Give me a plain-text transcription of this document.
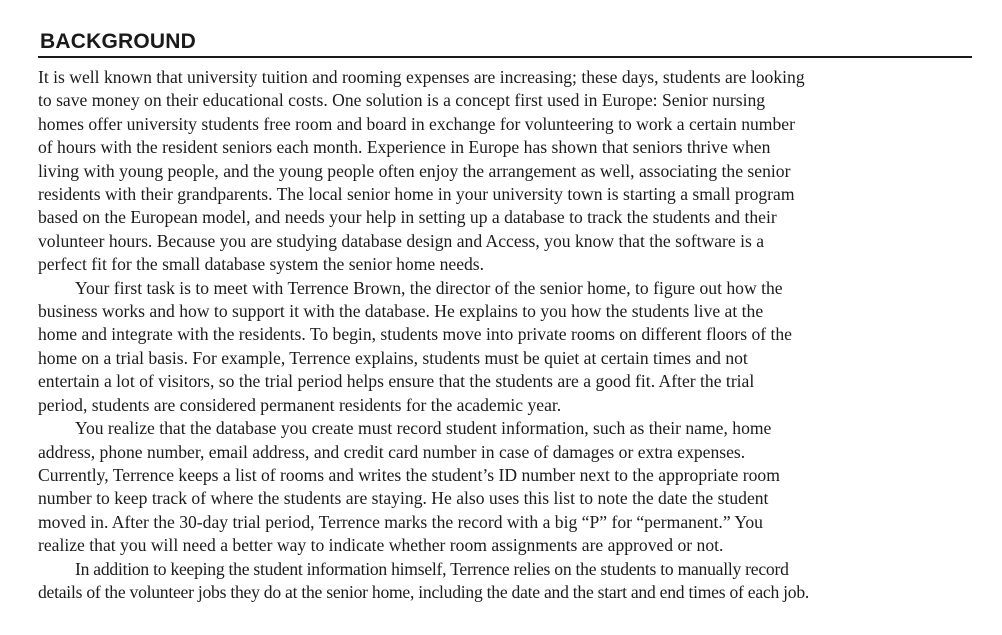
BACKGROUND
It is well known that university tuition and rooming expenses are increasing; these days, students are looking
to save money on their educational costs. One solution is a concept first used in Europe: Senior nursing
homes offer university students free room and board in exchange for volunteering to work a certain number
of hours with the resident seniors each month. Experience in Europe has shown that seniors thrive when
living with young people, and the young people often enjoy the arrangement as well, associating the senior
residents with their grandparents. The local senior home in your university town is starting a small program
based on the European model, and needs your help in setting up a database to track the students and their
volunteer hours. Because you are studying database design and Access, you know that the software is a
perfect fit for the small database system the senior home needs.
Your first task is to meet with Terrence Brown, the director of the senior home, to figure out how the
business works and how to support it with the database. He explains to you how the students live at the
home and integrate with the residents. To begin, students move into private rooms on different floors of the
home on a trial basis. For example, Terrence explains, students must be quiet at certain times and not
entertain a lot of visitors, so the trial period helps ensure that the students are a good fit. After the trial
period, students are considered permanent residents for the academic year.
You realize that the database you create must record student information, such as their name, home
address, phone number, email address, and credit card number in case of damages or extra expenses.
Currently, Terrence keeps a list of rooms and writes the student’s ID number next to the appropriate room
number to keep track of where the students are staying. He also uses this list to note the date the student
moved in. After the 30-day trial period, Terrence marks the record with a big “P” for “permanent.” You
realize that you will need a better way to indicate whether room assignments are approved or not.
In addition to keeping the student information himself, Terrence relies on the students to manually record
details of the volunteer jobs they do at the senior home, including the date and the start and end times of each job.
